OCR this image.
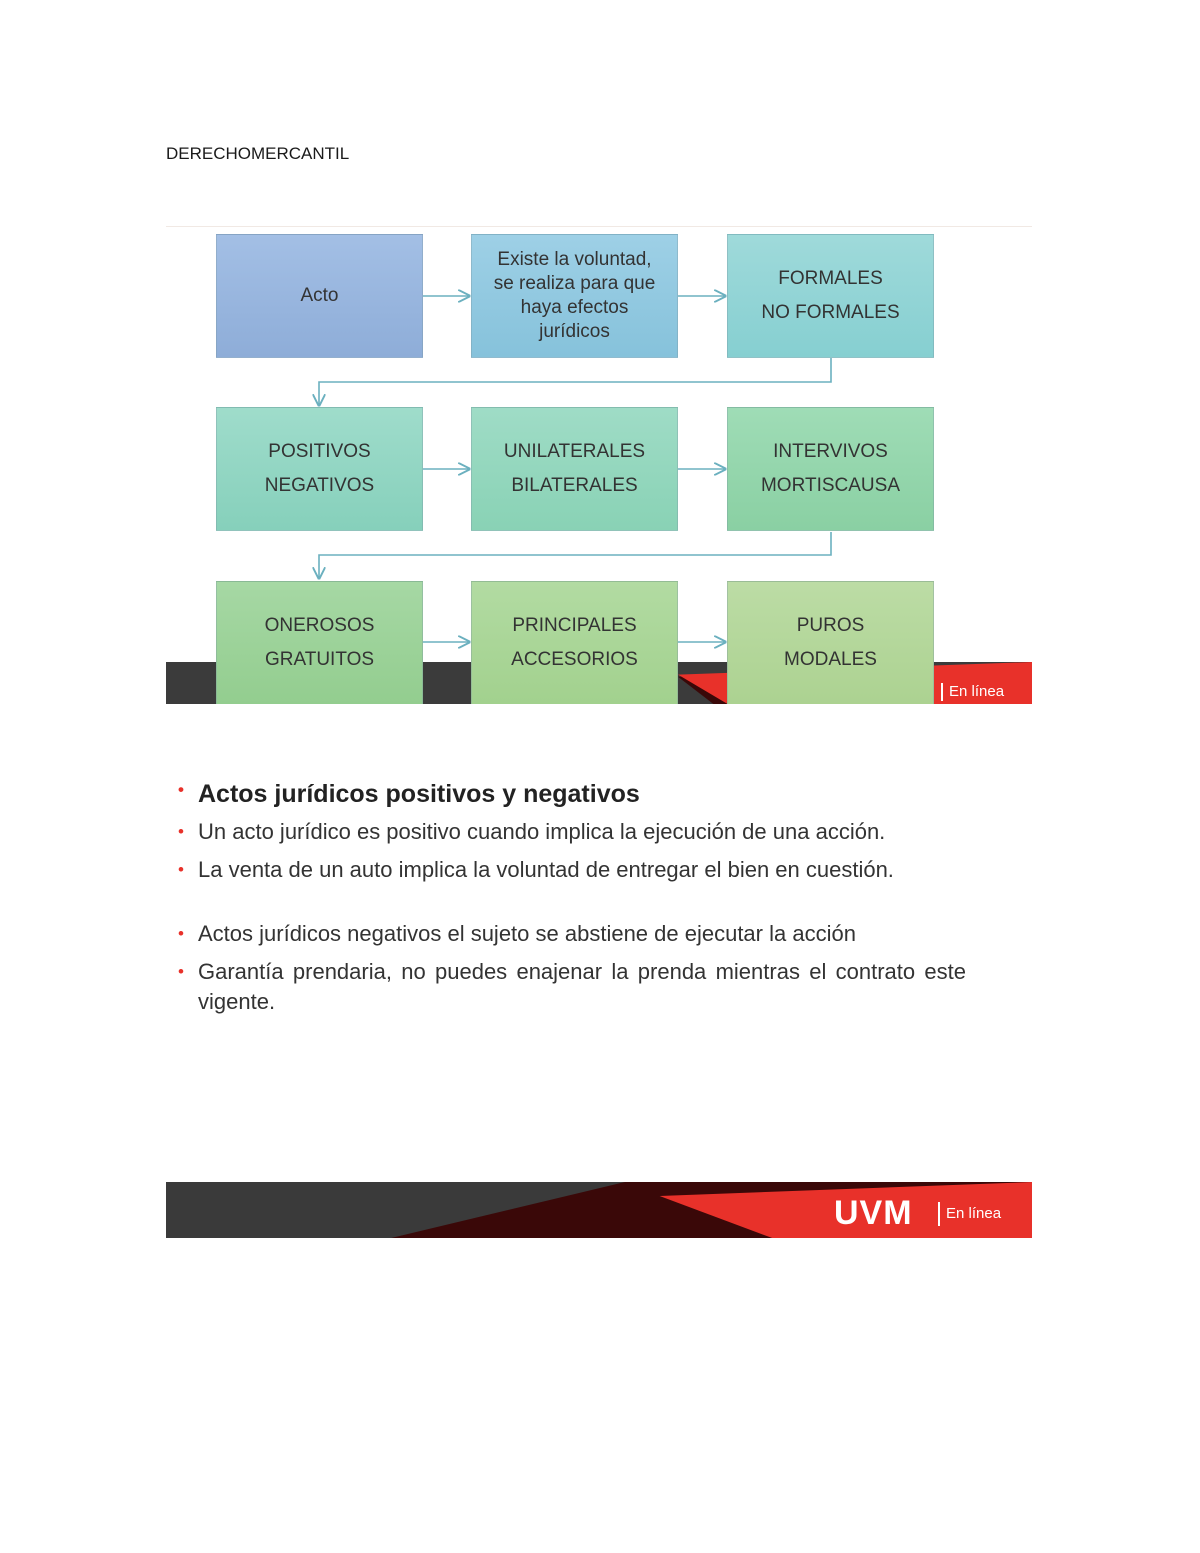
DERECHOMERCANTIL
En línea
Acto
Existe la voluntad,
se realiza para que
haya efectos
jurídicos
FORMALES
NO FORMALES
POSITIVOS
NEGATIVOS
UNILATERALES
BILATERALES
INTERVIVOS
MORTISCAUSA
ONEROSOS
GRATUITOS
PRINCIPALES
ACCESORIOS
PUROS
MODALES
• Actos jurídicos positivos y negativos
• Un acto jurídico es positivo cuando implica la ejecución de una acción.
• La venta de un auto implica la voluntad de entregar el bien en cuestión.
• Actos jurídicos negativos el sujeto se abstiene de ejecutar la acción
• Garantía prendaria, no puedes enajenar la prenda mientras el contrato este vigente.
UVM	En línea
